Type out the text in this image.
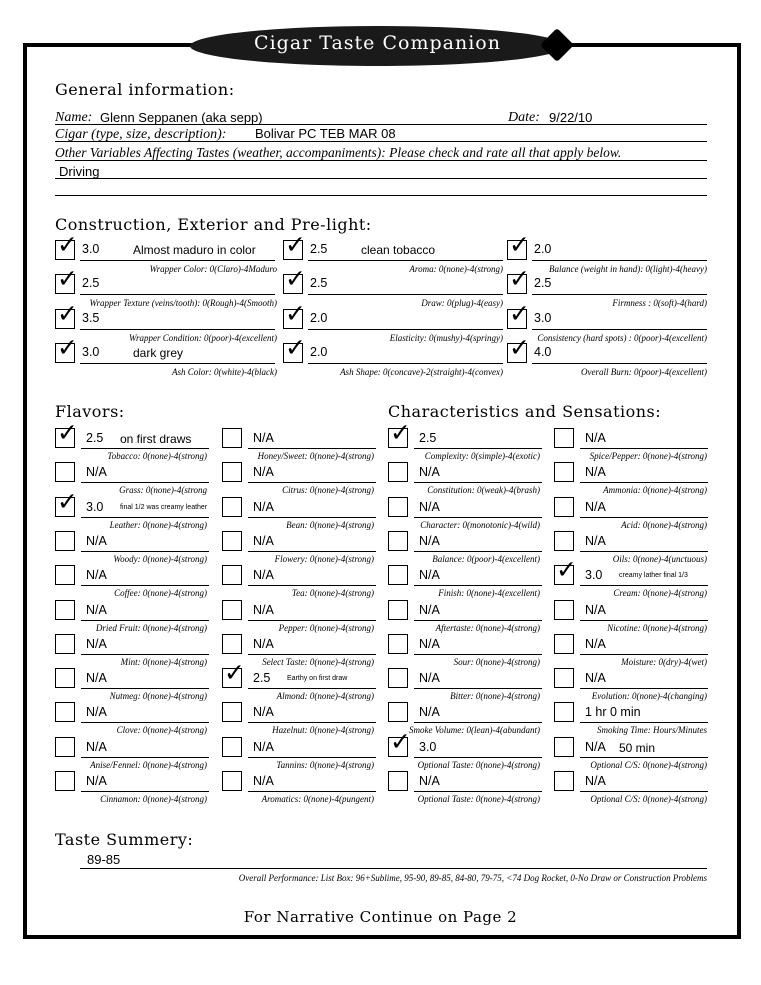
Cigar Taste Companion
General information:
Name: Glenn Seppanen (aka sepp)	Date: 9/22/10
Cigar (type, size, description): Bolivar PC TEB MAR 08
Other Variables Affecting Tastes (weather, accompaniments): Please check and rate all that apply below.
Driving
Construction, Exterior and Pre-light:
✓ 3.0	Almost maduro in color
Wrapper Color: 0(Claro)-4Maduro
✓ 2.5	clean tobacco
Aroma: 0(none)-4(strong)
✓ 2.0
Balance (weight in hand): 0(light)-4(heavy)
✓ 2.5
Wrapper Texture (veins/tooth): 0(Rough)-4(Smooth)
✓ 2.5
Draw: 0(plug)-4(easy)
✓ 2.5
Firmness : 0(soft)-4(hard)
✓ 3.5
Wrapper Condition: 0(poor)-4(excellent)
✓ 2.0
Elasticity: 0(mushy)-4(springy)
✓ 3.0
Consistency (hard spots) : 0(poor)-4(excellent)
✓ 3.0	dark grey
Ash Color: 0(white)-4(black)
✓ 2.0
Ash Shape: 0(concave)-2(straight)-4(convex)
✓ 4.0
Overall Burn: 0(poor)-4(excellent)
Flavors:	Characteristics and Sensations:
✓ 2.5 on first draws
Tobacco: 0(none)-4(strong)
N/A
Grass: 0(none)-4(strong
✓ 3.0 final 1/2 was creamy leather
Leather: 0(none)-4(strong)
N/A
Woody: 0(none)-4(strong)
N/A
Coffee: 0(none)-4(strong)
N/A
Dried Fruit: 0(none)-4(strong)
N/A
Mint: 0(none)-4(strong)
N/A
Nutmeg: 0(none)-4(strong)
N/A
Clove: 0(none)-4(strong)
N/A
Anise/Fennel: 0(none)-4(strong)
N/A
Cinnamon: 0(none)-4(strong)
N/A
Honey/Sweet: 0(none)-4(strong)
N/A
Citrus: 0(none)-4(strong)
N/A
Bean: 0(none)-4(strong)
N/A
Flowery: 0(none)-4(strong)
N/A
Tea: 0(none)-4(strong)
N/A
Pepper: 0(none)-4(strong)
N/A
Select Taste: 0(none)-4(strong)
✓ 2.5 Earthy on first draw
Almond: 0(none)-4(strong)
N/A
Hazelnut: 0(none)-4(strong)
N/A
Tannins: 0(none)-4(strong)
N/A
Aromatics: 0(none)-4(pungent)
✓ 2.5
Complexity: 0(simple)-4(exotic)
N/A
Constitution: 0(weak)-4(brash)
N/A
Character: 0(monotonic)-4(wild)
N/A
Balance: 0(poor)-4(excellent)
N/A
Finish: 0(none)-4(excellent)
N/A
Aftertaste: 0(none)-4(strong)
N/A
Sour: 0(none)-4(strong)
N/A
Bitter: 0(none)-4(strong)
N/A
Smoke Volume: 0(lean)-4(abundant)
✓ 3.0
Optional Taste: 0(none)-4(strong)
N/A
Optional Taste: 0(none)-4(strong)
N/A
Spice/Pepper: 0(none)-4(strong)
N/A
Ammonia: 0(none)-4(strong)
N/A
Acid: 0(none)-4(strong)
N/A
Oils: 0(none)-4(unctuous)
✓ 3.0 creamy lather final 1/3
Cream: 0(none)-4(strong)
N/A
Nicotine: 0(none)-4(strong)
N/A
Moisture: 0(dry)-4(wet)
N/A
Evolution: 0(none)-4(changing)
1 hr 0 min
Smoking Time: Hours/Minutes
N/A 50 min
Optional C/S: 0(none)-4(strong)
N/A
Optional C/S: 0(none)-4(strong)
Taste Summery:
89-85
Overall Performance: List Box: 96+Sublime, 95-90, 89-85, 84-80, 79-75, <74 Dog Rocket, 0-No Draw or Construction Problems
For Narrative Continue on Page 2
